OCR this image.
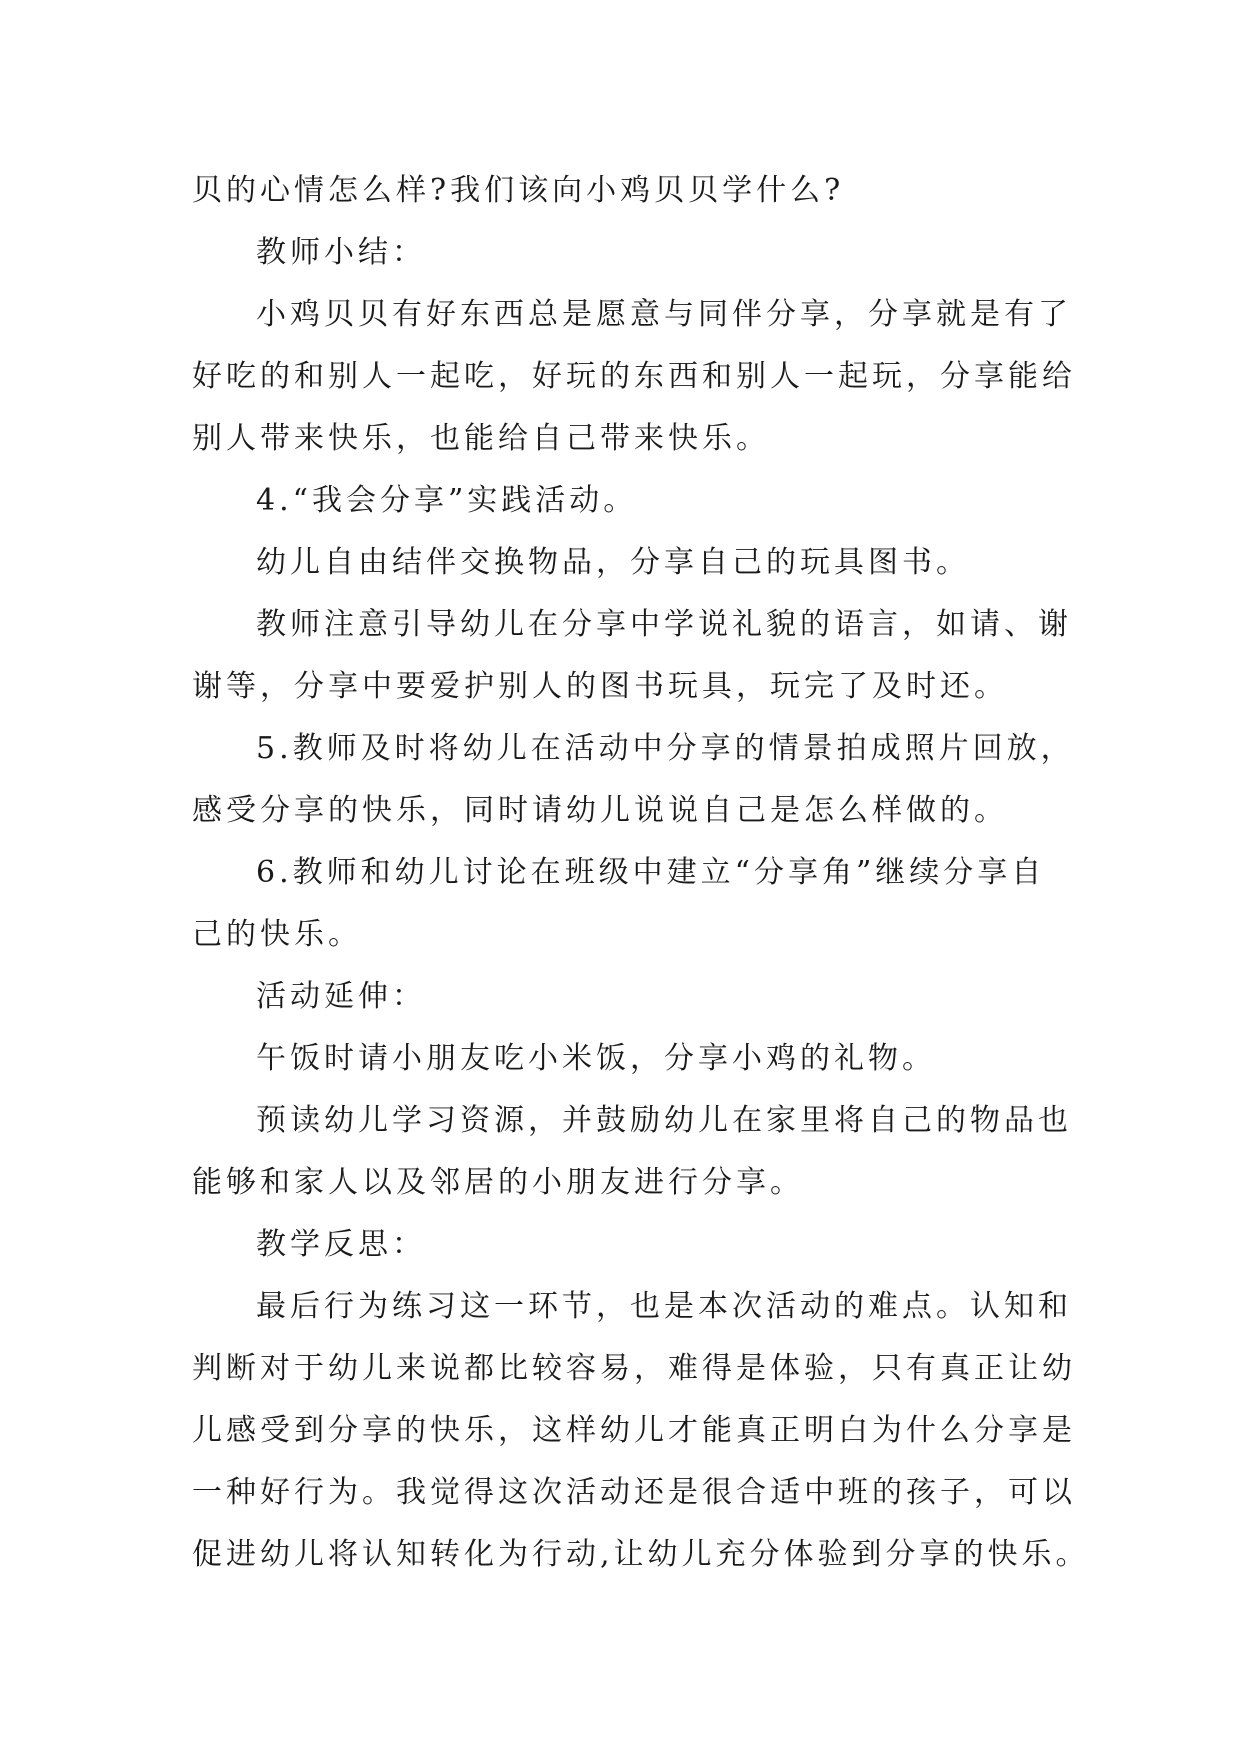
贝的心情怎么样?我们该向小鸡贝贝学什么?
教师小结：
小鸡贝贝有好东西总是愿意与同伴分享，分享就是有了
好吃的和别人一起吃，好玩的东西和别人一起玩，分享能给
别人带来快乐，也能给自己带来快乐。
4.“我会分享”实践活动。
幼儿自由结伴交换物品，分享自己的玩具图书。
教师注意引导幼儿在分享中学说礼貌的语言，如请、谢
谢等，分享中要爱护别人的图书玩具，玩完了及时还。
5.教师及时将幼儿在活动中分享的情景拍成照片回放，
感受分享的快乐，同时请幼儿说说自己是怎么样做的。
6.教师和幼儿讨论在班级中建立“分享角”继续分享自
己的快乐。
活动延伸：
午饭时请小朋友吃小米饭，分享小鸡的礼物。
预读幼儿学习资源，并鼓励幼儿在家里将自己的物品也
能够和家人以及邻居的小朋友进行分享。
教学反思：
最后行为练习这一环节，也是本次活动的难点。认知和
判断对于幼儿来说都比较容易，难得是体验，只有真正让幼
儿感受到分享的快乐，这样幼儿才能真正明白为什么分享是
一种好行为。我觉得这次活动还是很合适中班的孩子，可以
促进幼儿将认知转化为行动,让幼儿充分体验到分享的快乐。
